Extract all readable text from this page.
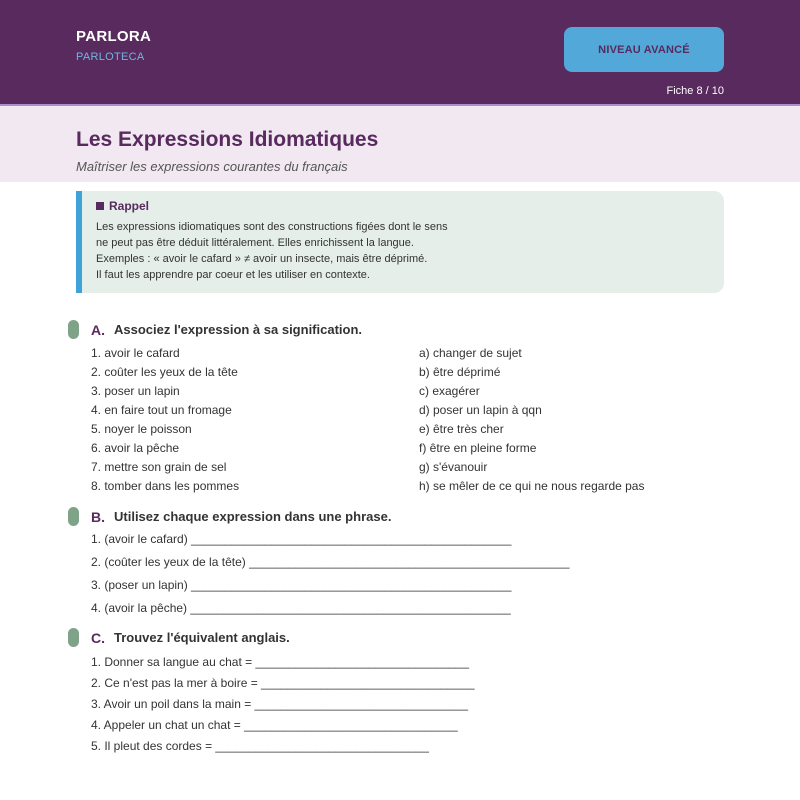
PARLORA
PARLOTECA
NIVEAU AVANCÉ
Fiche 8 / 10
Les Expressions Idiomatiques
Maîtriser les expressions courantes du français
Rappel
Les expressions idiomatiques sont des constructions figées dont le sens
ne peut pas être déduit littéralement. Elles enrichissent la langue.
Exemples : « avoir le cafard » ≠ avoir un insecte, mais être déprimé.
Il faut les apprendre par coeur et les utiliser en contexte.
A. Associez l'expression à sa signification.
1. avoir le cafard
2. coûter les yeux de la tête
3. poser un lapin
4. en faire tout un fromage
5. noyer le poisson
6. avoir la pêche
7. mettre son grain de sel
8. tomber dans les pommes
a) changer de sujet
b) être déprimé
c) exagérer
d) poser un lapin à qqn
e) être très cher
f) être en pleine forme
g) s'évanouir
h) se mêler de ce qui ne nous regarde pas
B. Utilisez chaque expression dans une phrase.
1. (avoir le cafard) ________________________________________________
2. (coûter les yeux de la tête) ________________________________________________
3. (poser un lapin) ________________________________________________
4. (avoir la pêche) ________________________________________________
C. Trouvez l'équivalent anglais.
1. Donner sa langue au chat = ________________________________
2. Ce n'est pas la mer à boire = ________________________________
3. Avoir un poil dans la main = ________________________________
4. Appeler un chat un chat = ________________________________
5. Il pleut des cordes = ________________________________
